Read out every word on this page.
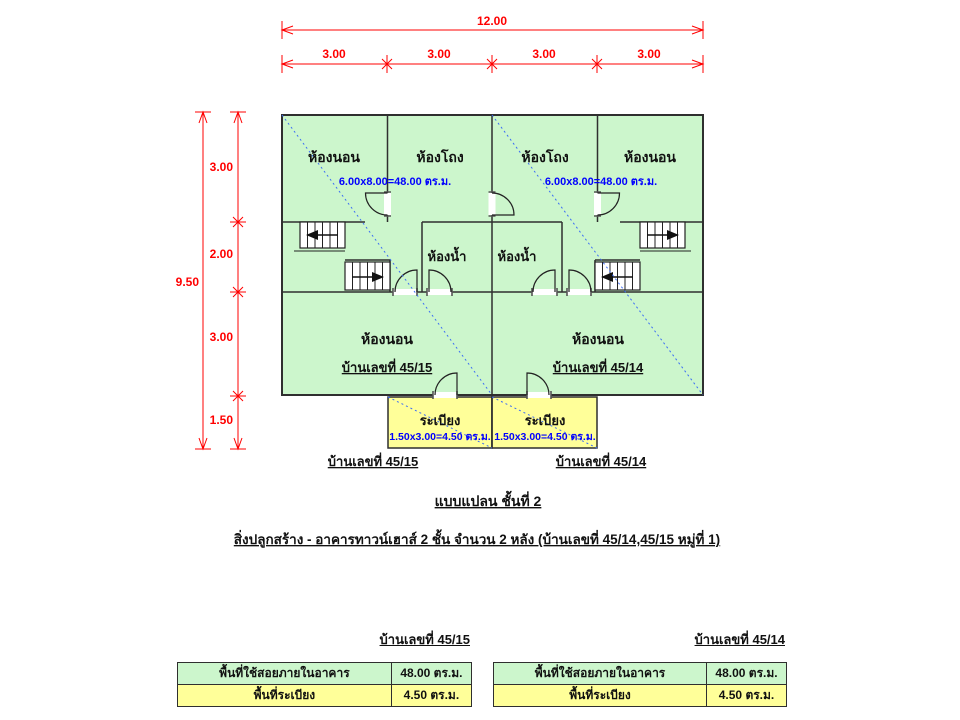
12.00
3.00	3.00	3.00	3.00
9.50
3.00
2.00
3.00
1.50
ห้องนอน	ห้องโถง	ห้องโถง	ห้องนอน
6.00x8.00=48.00 ตร.ม.	6.00x8.00=48.00 ตร.ม.
ห้องน้ำ ห้องน้ำ
ห้องนอน	ห้องนอน
บ้านเลขที่ 45/15	บ้านเลขที่ 45/14
ระเบียง	ระเบียง
1.50x3.00=4.50 ตร.ม. 1.50x3.00=4.50 ตร.ม.
บ้านเลขที่ 45/15	บ้านเลขที่ 45/14
แบบแปลน ชั้นที่ 2
สิ่งปลูกสร้าง - อาคารทาวน์เฮาส์ 2 ชั้น จำนวน 2 หลัง (บ้านเลขที่ 45/14,45/15 หมู่ที่ 1)
บ้านเลขที่ 45/15
พื้นที่ใช้สอยภายในอาคาร	48.00 ตร.ม.
พื้นที่ระเบียง	4.50 ตร.ม.
บ้านเลขที่ 45/14
พื้นที่ใช้สอยภายในอาคาร	48.00 ตร.ม.
พื้นที่ระเบียง	4.50 ตร.ม.
